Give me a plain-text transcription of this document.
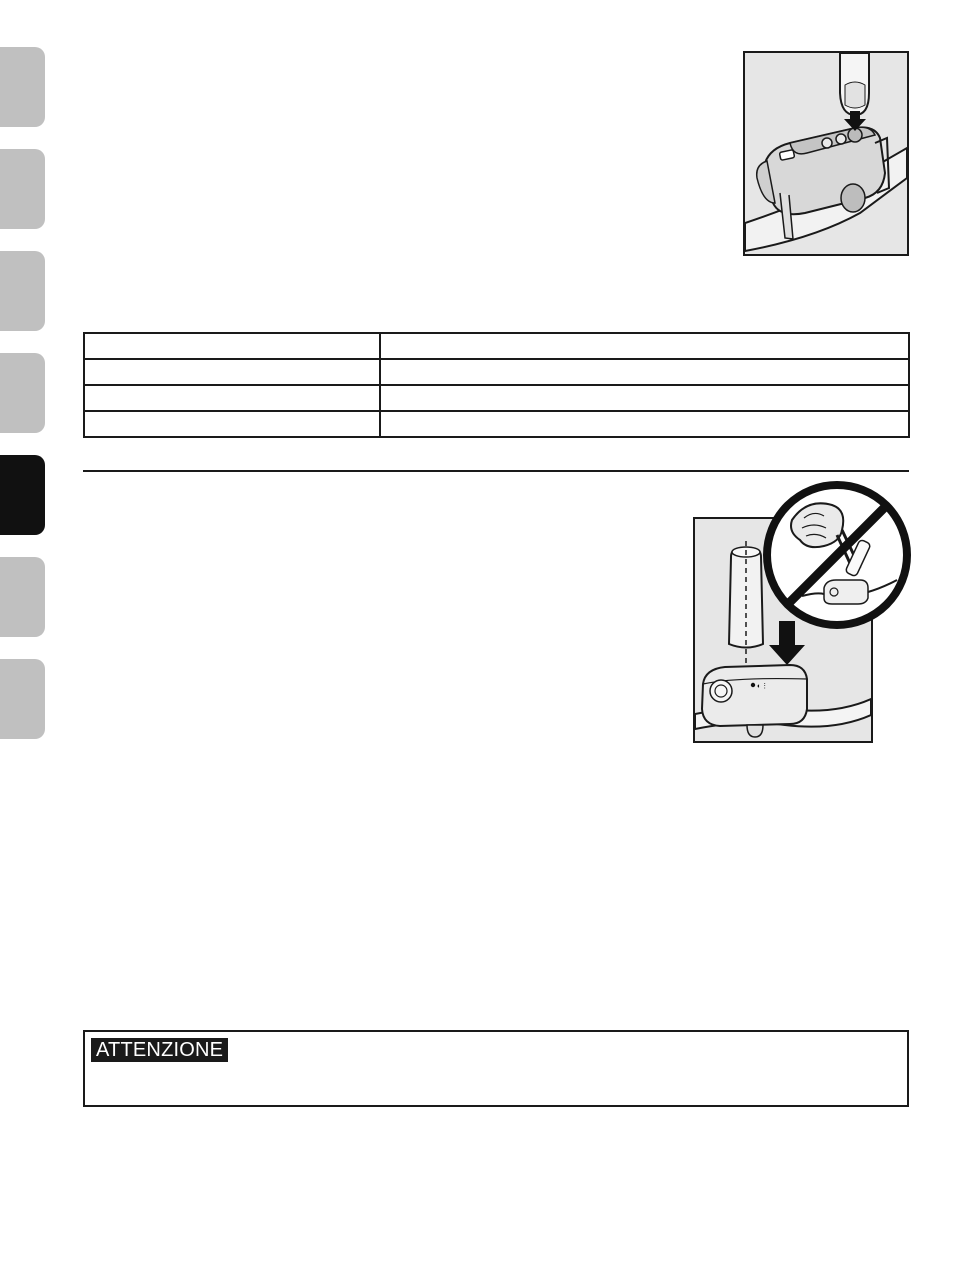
◐⋮
ATTENZIONE
